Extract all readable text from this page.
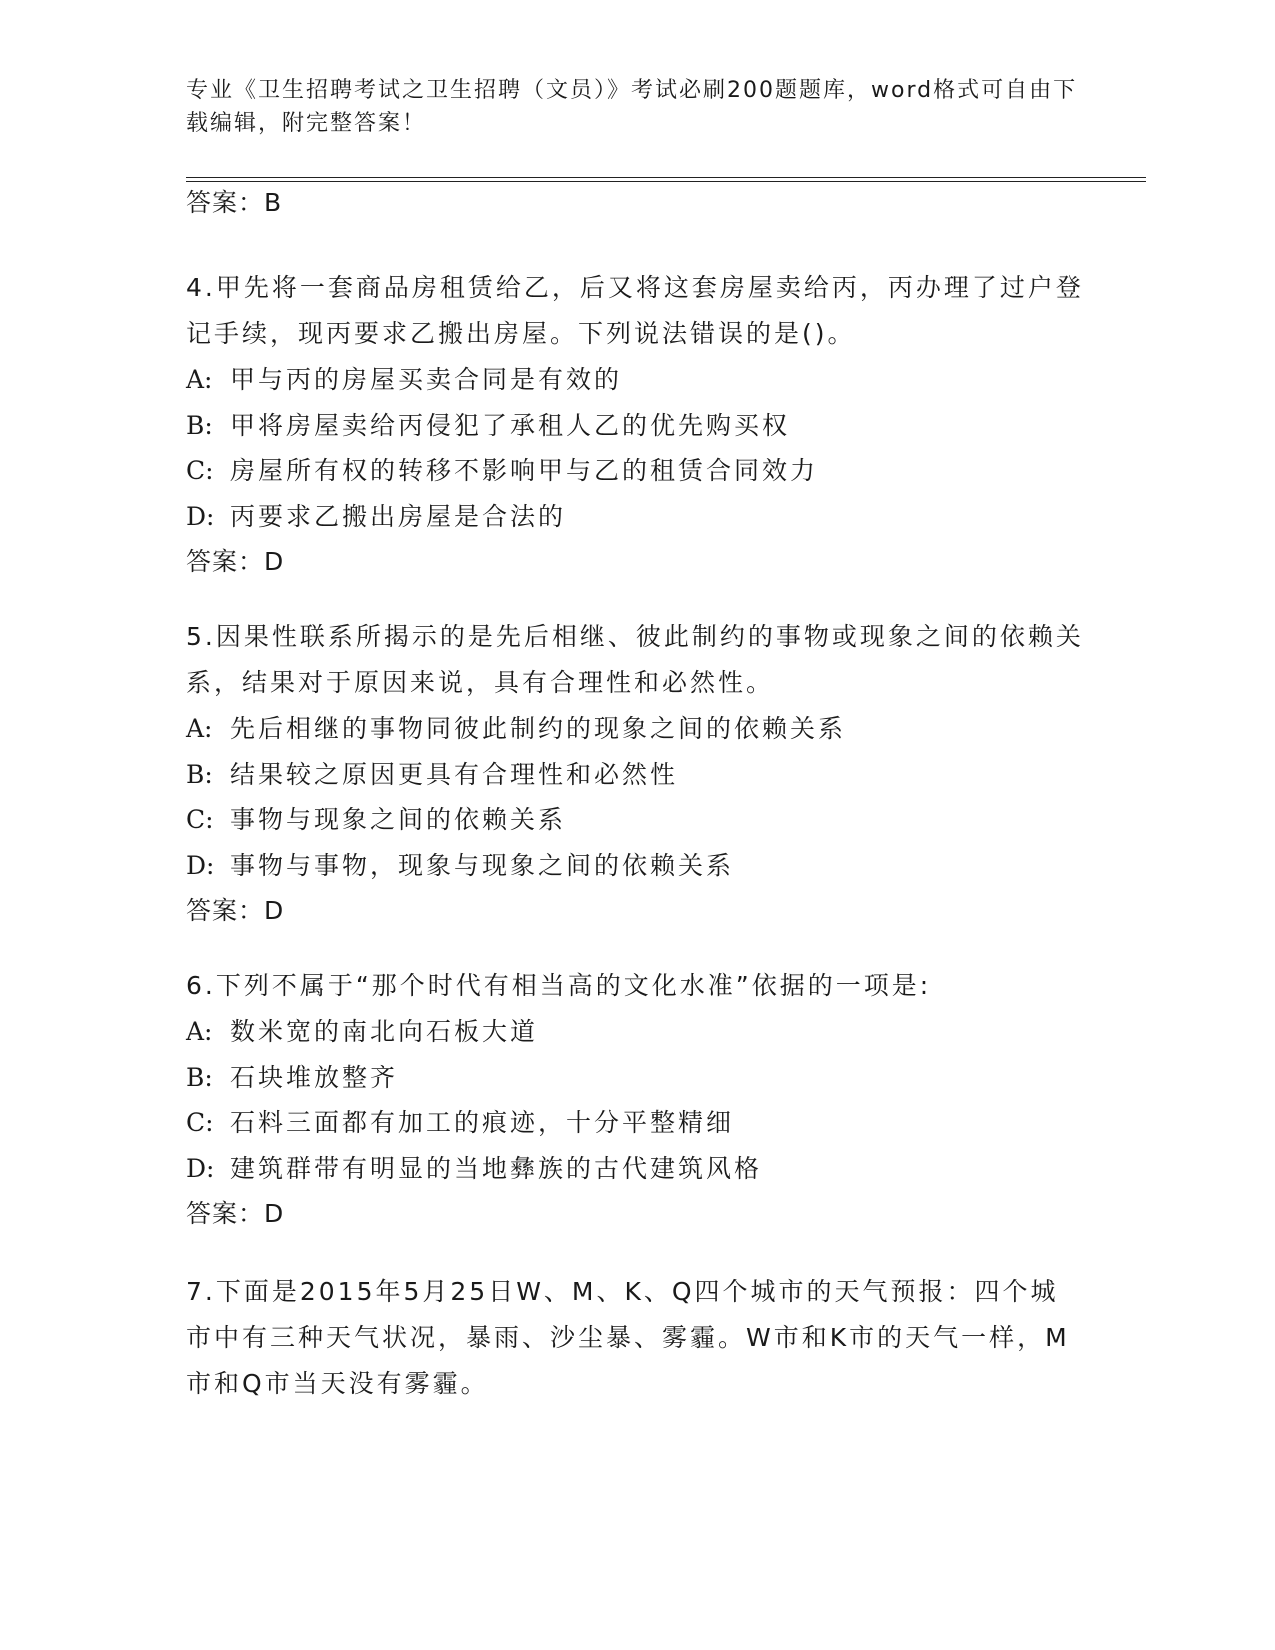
专业《卫生招聘考试之卫生招聘（文员）》考试必刷200题题库，word格式可自由下载编辑，附完整答案！

答案：B

4.甲先将一套商品房租赁给乙，后又将这套房屋卖给丙，丙办理了过户登记手续，现丙要求乙搬出房屋。下列说法错误的是()。

A: 甲与丙的房屋买卖合同是有效的

B: 甲将房屋卖给丙侵犯了承租人乙的优先购买权

C: 房屋所有权的转移不影响甲与乙的租赁合同效力

D: 丙要求乙搬出房屋是合法的

答案：D

5.因果性联系所揭示的是先后相继、彼此制约的事物或现象之间的依赖关系，结果对于原因来说，具有合理性和必然性。

A: 先后相继的事物同彼此制约的现象之间的依赖关系

B: 结果较之原因更具有合理性和必然性

C: 事物与现象之间的依赖关系

D: 事物与事物，现象与现象之间的依赖关系

答案：D

6.下列不属于“那个时代有相当高的文化水准”依据的一项是:

A: 数米宽的南北向石板大道

B: 石块堆放整齐

C: 石料三面都有加工的痕迹，十分平整精细

D: 建筑群带有明显的当地彝族的古代建筑风格

答案：D

7.下面是2015年5月25日W、M、K、Q四个城市的天气预报：四个城市中有三种天气状况，暴雨、沙尘暴、雾霾。W市和K市的天气一样，M市和Q市当天没有雾霾。
